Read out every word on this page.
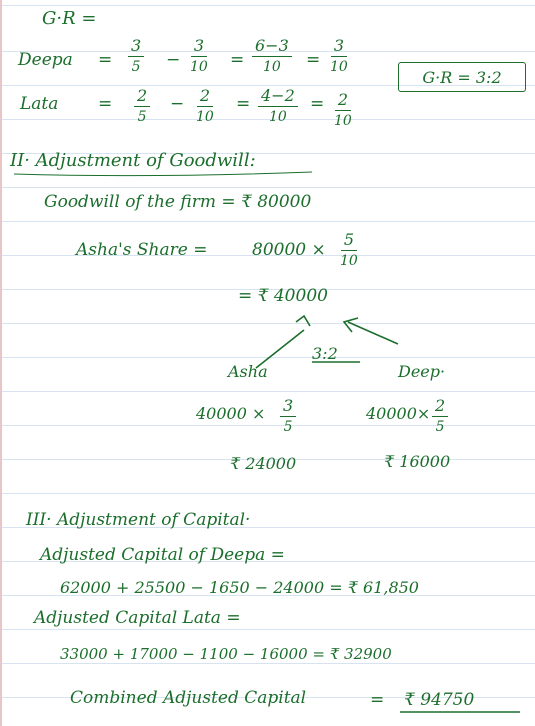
G·R =
Deepa = $\frac{3}{5} - \frac{3}{10} = \frac{6-3}{10} = \frac{3}{10}$
G·R = 3:2
Lata = $\frac{2}{5} - \frac{2}{10} = \frac{4-2}{10} = \frac{2}{10}$
II· Adjustment of Goodwill:
Goodwill of the firm = ₹ 80000
Asha's Share =	$80000 \times \frac{5}{10}$
= ₹ 40000
3:2
Asha	Deep·
$40000 \times \frac{3}{5}$	$40000\times \frac{2}{5}$
₹ 24000	₹ 16000
III· Adjustment of Capital·
Adjusted Capital of Deepa =
62000 + 25500 − 1650 − 24000 = ₹ 61,850
Adjusted Capital Lata =
33000 + 17000 − 1100 − 16000 = ₹ 32900
Combined Adjusted Capital	= ₹ 94750
